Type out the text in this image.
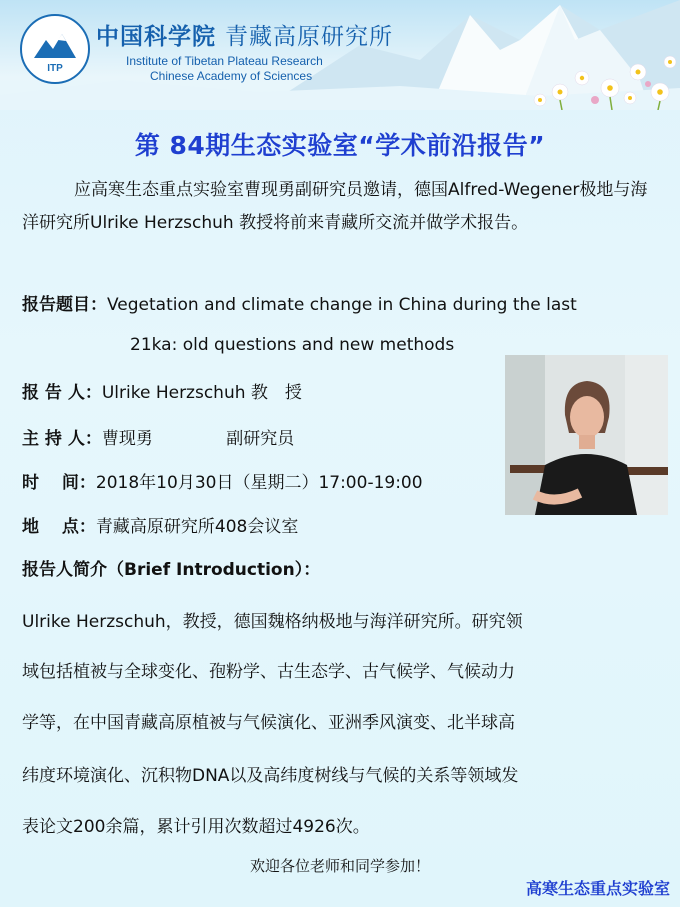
ITP
中国科学院 青藏高原研究所
Institute of Tibetan Plateau Research
Chinese Academy of Sciences
第 84期生态实验室“学术前沿报告”
应高寒生态重点实验室曹现勇副研究员邀请，德国Alfred-Wegener极地与海洋研究所Ulrike Herzschuh 教授将前来青藏所交流并做学术报告。
报告题目：Vegetation and climate change in China during the last
21ka: old questions and new methods
报 告 人：Ulrike Herzschuh 教　授
主 持 人：曹现勇　　　　 副研究员
时　 间：2018年10月30日（星期二）17:00-19:00
地　 点：青藏高原研究所408会议室
报告人简介（Brief Introduction）：
Ulrike Herzschuh，教授，德国魏格纳极地与海洋研究所。研究领
域包括植被与全球变化、孢粉学、古生态学、古气候学、气候动力
学等，在中国青藏高原植被与气候演化、亚洲季风演变、北半球高
纬度环境演化、沉积物DNA以及高纬度树线与气候的关系等领域发
表论文200余篇，累计引用次数超过4926次。
欢迎各位老师和同学参加！
高寒生态重点实验室
